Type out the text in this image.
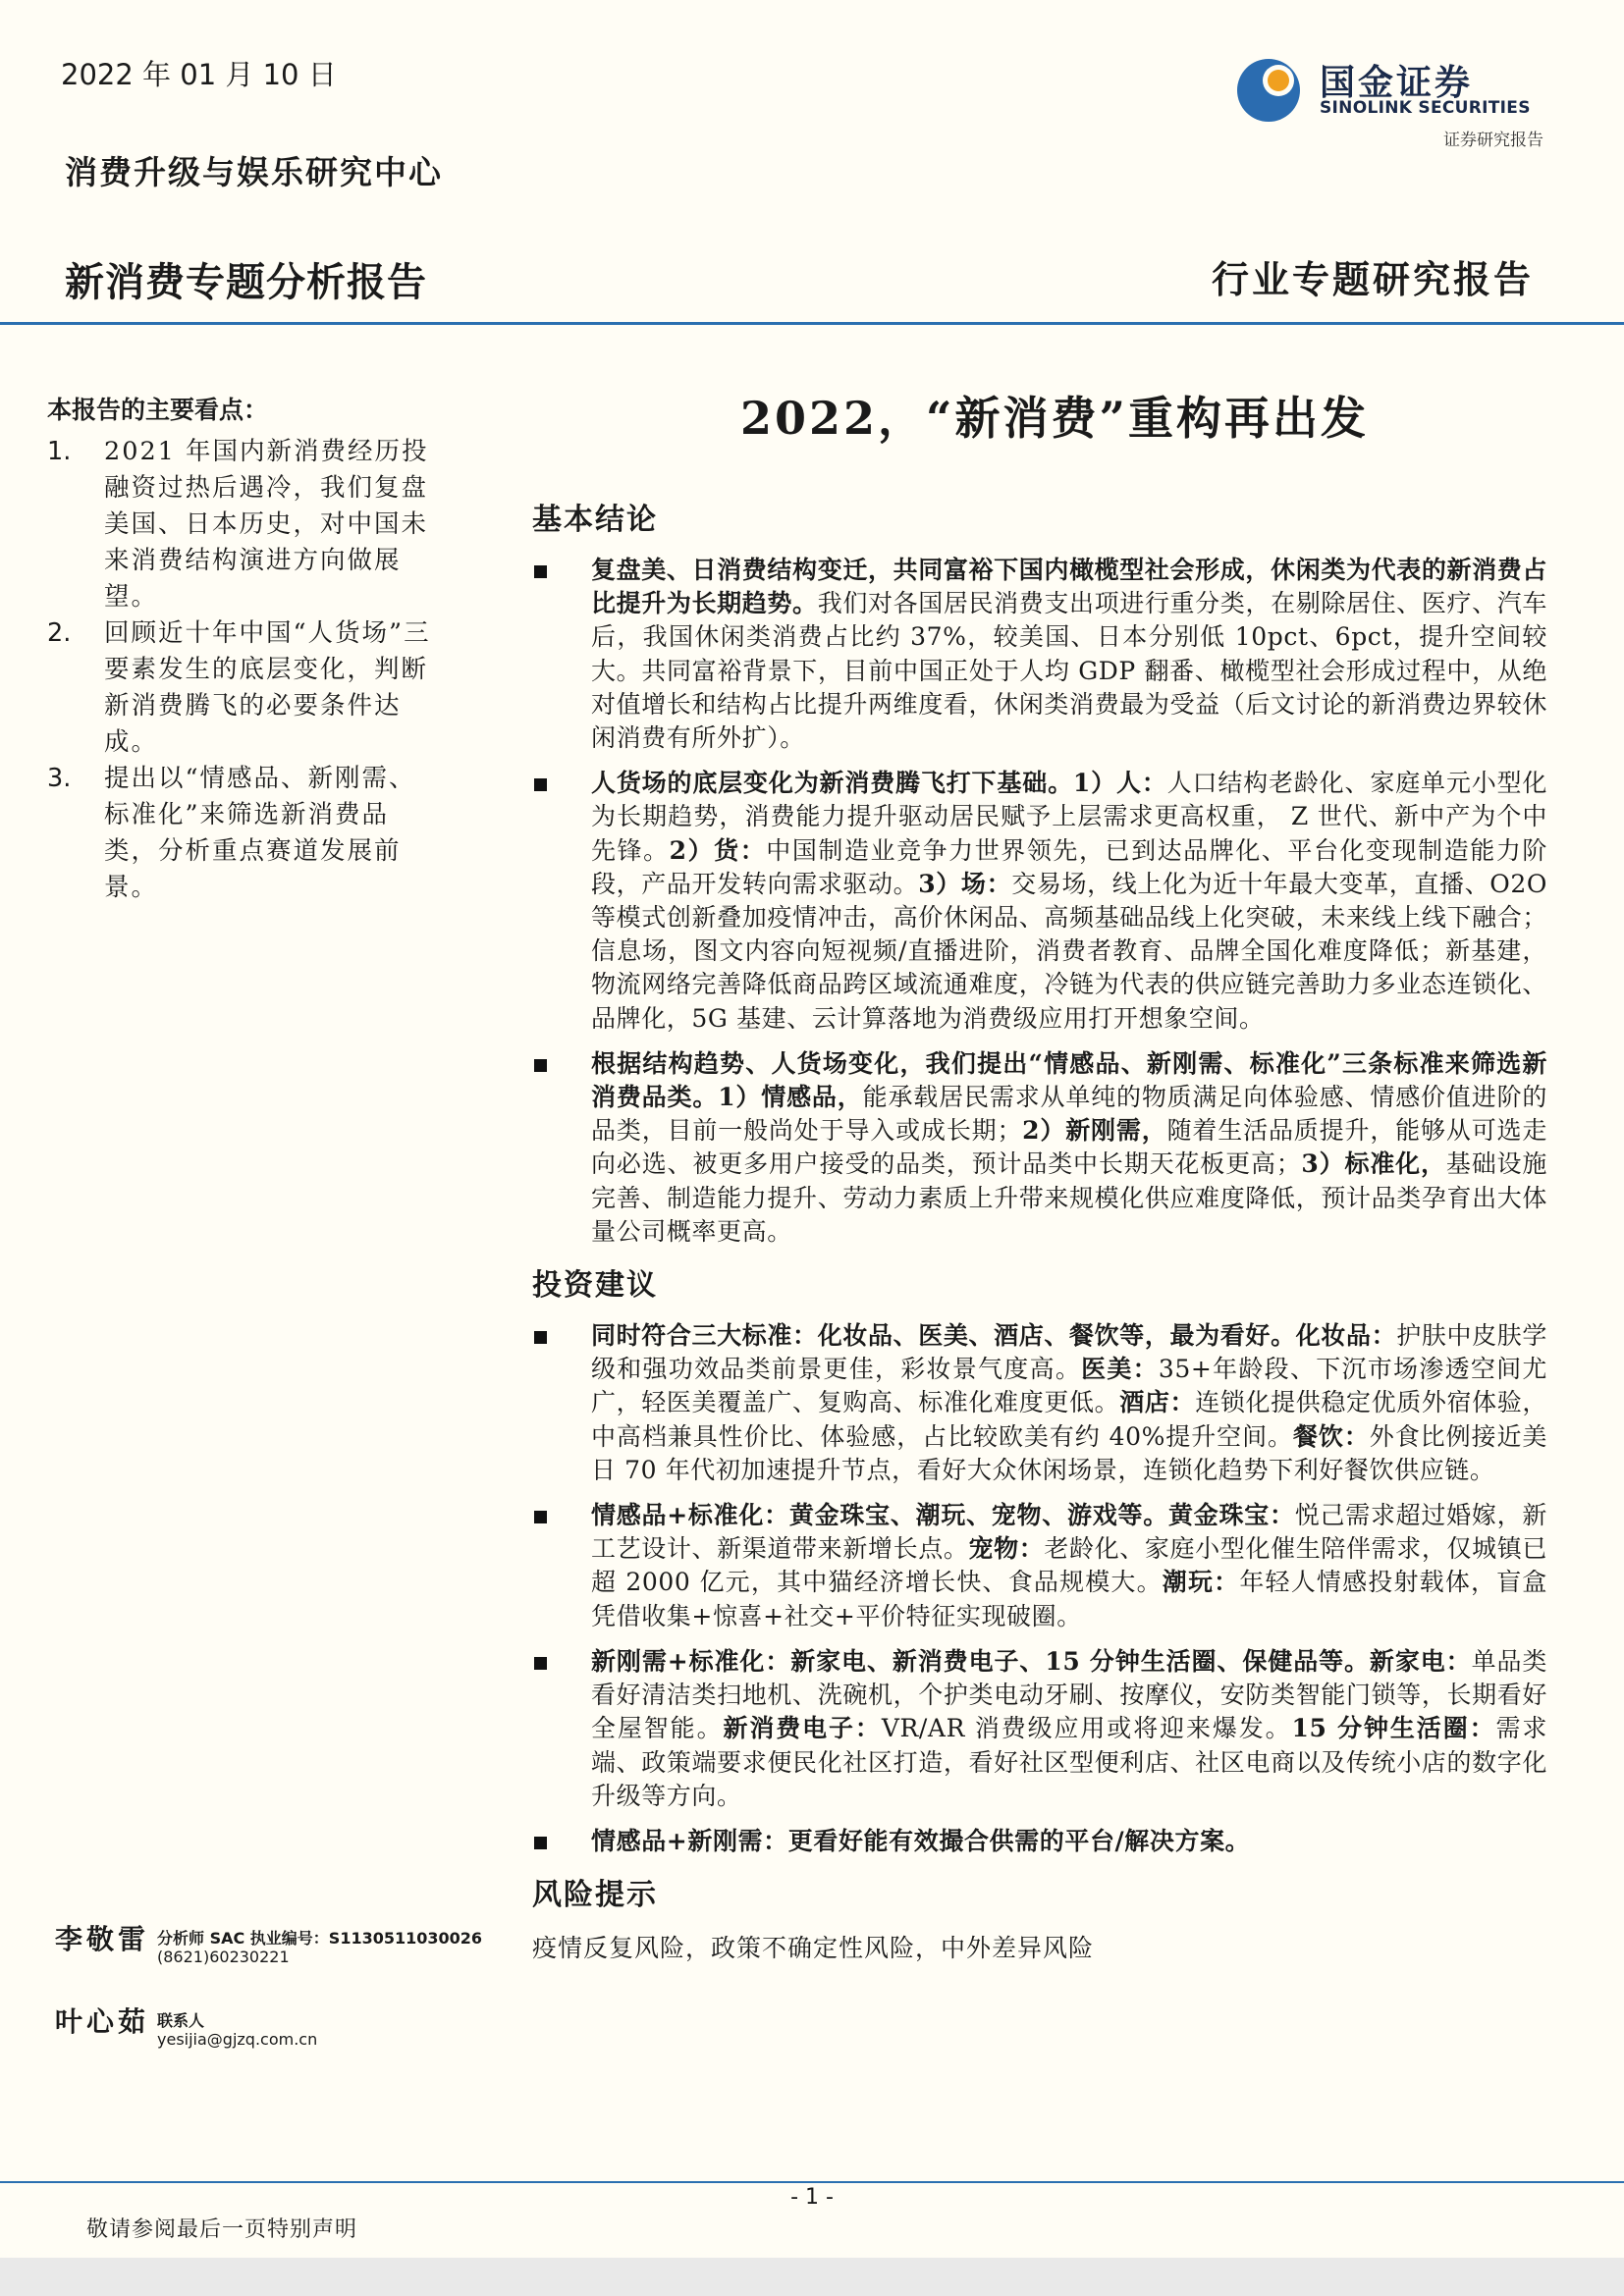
2022 年 01 月 10 日
消费升级与娱乐研究中心
新消费专题分析报告	行业专题研究报告
国金证券
SINOLINK SECURITIES
证券研究报告
本报告的主要看点：
1. 2021 年国内新消费经历投融资过热后遇冷，我们复盘美国、日本历史，对中国未来消费结构演进方向做展望。
2. 回顾近十年中国“人货场”三要素发生的底层变化，判断新消费腾飞的必要条件达成。
3. 提出以“情感品、新刚需、标准化”来筛选新消费品类，分析重点赛道发展前景。
李敬雷 分析师 SAC 执业编号：S1130511030026
(8621)60230221
叶心茹 联系人
yesijia@gjzq.com.cn
2022，“新消费”重构再出发
基本结论
复盘美、日消费结构变迁，共同富裕下国内橄榄型社会形成，休闲类为代表的新消费占比提升为长期趋势。我们对各国居民消费支出项进行重分类，在剔除居住、医疗、汽车后，我国休闲类消费占比约 37%，较美国、日本分别低 10pct、6pct，提升空间较大。共同富裕背景下，目前中国正处于人均 GDP 翻番、橄榄型社会形成过程中，从绝对值增长和结构占比提升两维度看，休闲类消费最为受益（后文讨论的新消费边界较休闲消费有所外扩）。
人货场的底层变化为新消费腾飞打下基础。1）人：人口结构老龄化、家庭单元小型化为长期趋势，消费能力提升驱动居民赋予上层需求更高权重， Z 世代、新中产为个中先锋。2）货：中国制造业竞争力世界领先，已到达品牌化、平台化变现制造能力阶段，产品开发转向需求驱动。3）场：交易场，线上化为近十年最大变革，直播、O2O 等模式创新叠加疫情冲击，高价休闲品、高频基础品线上化突破，未来线上线下融合；信息场，图文内容向短视频/直播进阶，消费者教育、品牌全国化难度降低；新基建，物流网络完善降低商品跨区域流通难度，冷链为代表的供应链完善助力多业态连锁化、品牌化，5G 基建、云计算落地为消费级应用打开想象空间。
根据结构趋势、人货场变化，我们提出“情感品、新刚需、标准化”三条标准来筛选新消费品类。1）情感品，能承载居民需求从单纯的物质满足向体验感、情感价值进阶的品类，目前一般尚处于导入或成长期；2）新刚需，随着生活品质提升，能够从可选走向必选、被更多用户接受的品类，预计品类中长期天花板更高；3）标准化，基础设施完善、制造能力提升、劳动力素质上升带来规模化供应难度降低，预计品类孕育出大体量公司概率更高。
投资建议
同时符合三大标准：化妆品、医美、酒店、餐饮等，最为看好。化妆品：护肤中皮肤学级和强功效品类前景更佳，彩妆景气度高。医美：35+年龄段、下沉市场渗透空间尤广，轻医美覆盖广、复购高、标准化难度更低。酒店：连锁化提供稳定优质外宿体验，中高档兼具性价比、体验感，占比较欧美有约 40%提升空间。餐饮：外食比例接近美日 70 年代初加速提升节点，看好大众休闲场景，连锁化趋势下利好餐饮供应链。
情感品+标准化：黄金珠宝、潮玩、宠物、游戏等。黄金珠宝：悦己需求超过婚嫁，新工艺设计、新渠道带来新增长点。宠物：老龄化、家庭小型化催生陪伴需求，仅城镇已超 2000 亿元，其中猫经济增长快、食品规模大。潮玩：年轻人情感投射载体，盲盒凭借收集+惊喜+社交+平价特征实现破圈。
新刚需+标准化：新家电、新消费电子、15 分钟生活圈、保健品等。新家电：单品类看好清洁类扫地机、洗碗机，个护类电动牙刷、按摩仪，安防类智能门锁等，长期看好全屋智能。新消费电子：VR/AR 消费级应用或将迎来爆发。15 分钟生活圈：需求端、政策端要求便民化社区打造，看好社区型便利店、社区电商以及传统小店的数字化升级等方向。
情感品+新刚需：更看好能有效撮合供需的平台/解决方案。
风险提示
疫情反复风险，政策不确定性风险，中外差异风险
- 1 -
敬请参阅最后一页特别声明
